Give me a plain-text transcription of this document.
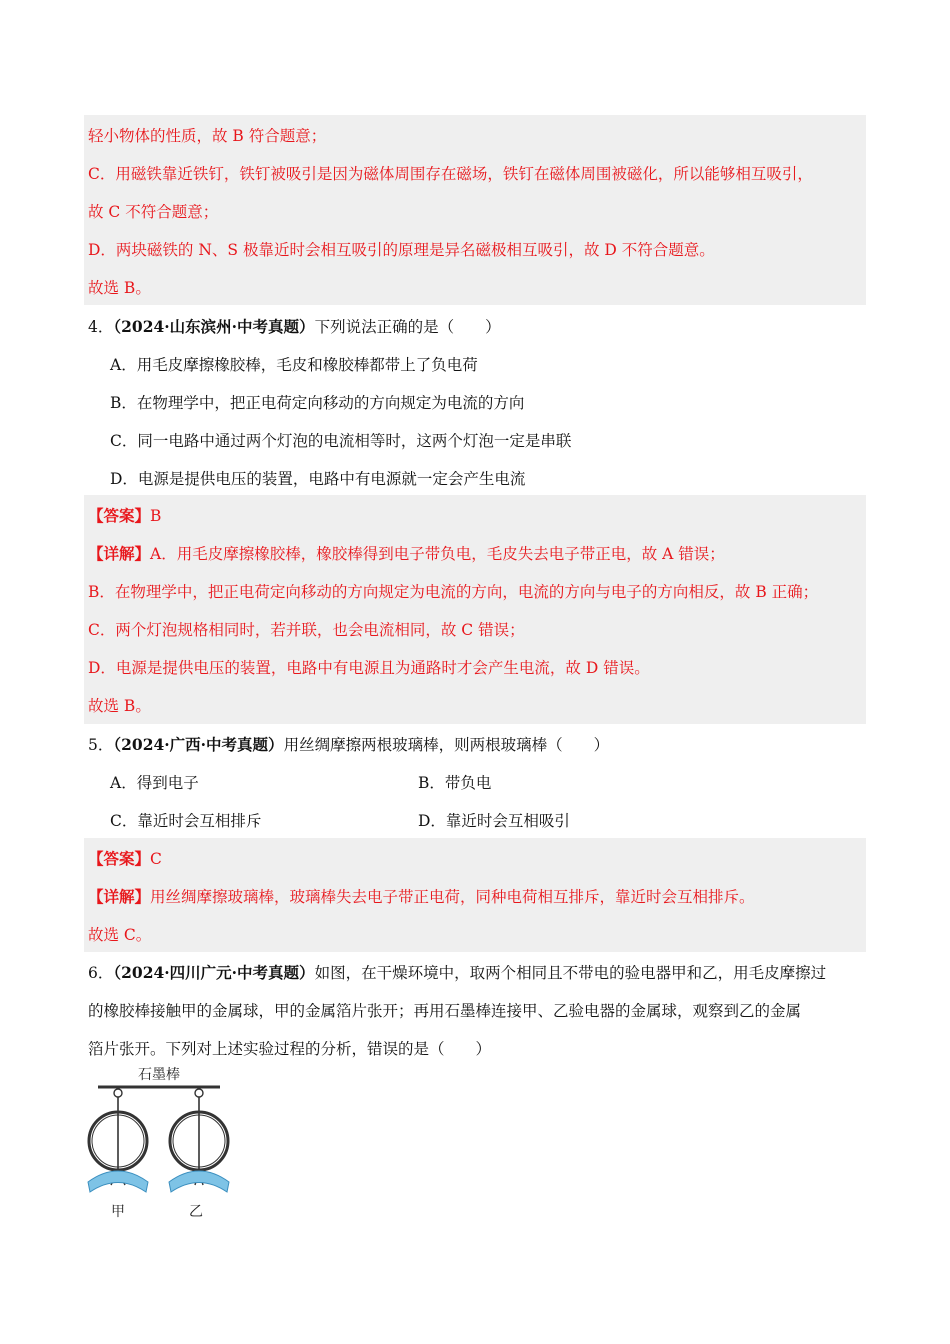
轻小物体的性质，故 B 符合题意；
C．用磁铁靠近铁钉，铁钉被吸引是因为磁体周围存在磁场，铁钉在磁体周围被磁化，所以能够相互吸引，
故 C 不符合题意；
D．两块磁铁的 N、S 极靠近时会相互吸引的原理是异名磁极相互吸引，故 D 不符合题意。
故选 B。
4．（2024·山东滨州·中考真题）下列说法正确的是（　　）
A．用毛皮摩擦橡胶棒，毛皮和橡胶棒都带上了负电荷
B．在物理学中，把正电荷定向移动的方向规定为电流的方向
C．同一电路中通过两个灯泡的电流相等时，这两个灯泡一定是串联
D．电源是提供电压的装置，电路中有电源就一定会产生电流
【答案】B
【详解】A．用毛皮摩擦橡胶棒，橡胶棒得到电子带负电，毛皮失去电子带正电，故 A 错误；
B．在物理学中，把正电荷定向移动的方向规定为电流的方向，电流的方向与电子的方向相反，故 B 正确；
C．两个灯泡规格相同时，若并联，也会电流相同，故 C 错误；
D．电源是提供电压的装置，电路中有电源且为通路时才会产生电流，故 D 错误。
故选 B。
5．（2024·广西·中考真题）用丝绸摩擦两根玻璃棒，则两根玻璃棒（　　）
A．得到电子	B．带负电
C．靠近时会互相排斥	D．靠近时会互相吸引
【答案】C
【详解】用丝绸摩擦玻璃棒，玻璃棒失去电子带正电荷，同种电荷相互排斥，靠近时会互相排斥。
故选 C。
6．（2024·四川广元·中考真题）如图，在干燥环境中，取两个相同且不带电的验电器甲和乙，用毛皮摩擦过
的橡胶棒接触甲的金属球，甲的金属箔片张开；再用石墨棒连接甲、乙验电器的金属球，观察到乙的金属
箔片张开。下列对上述实验过程的分析，错误的是（　　）
石墨棒
甲	乙
